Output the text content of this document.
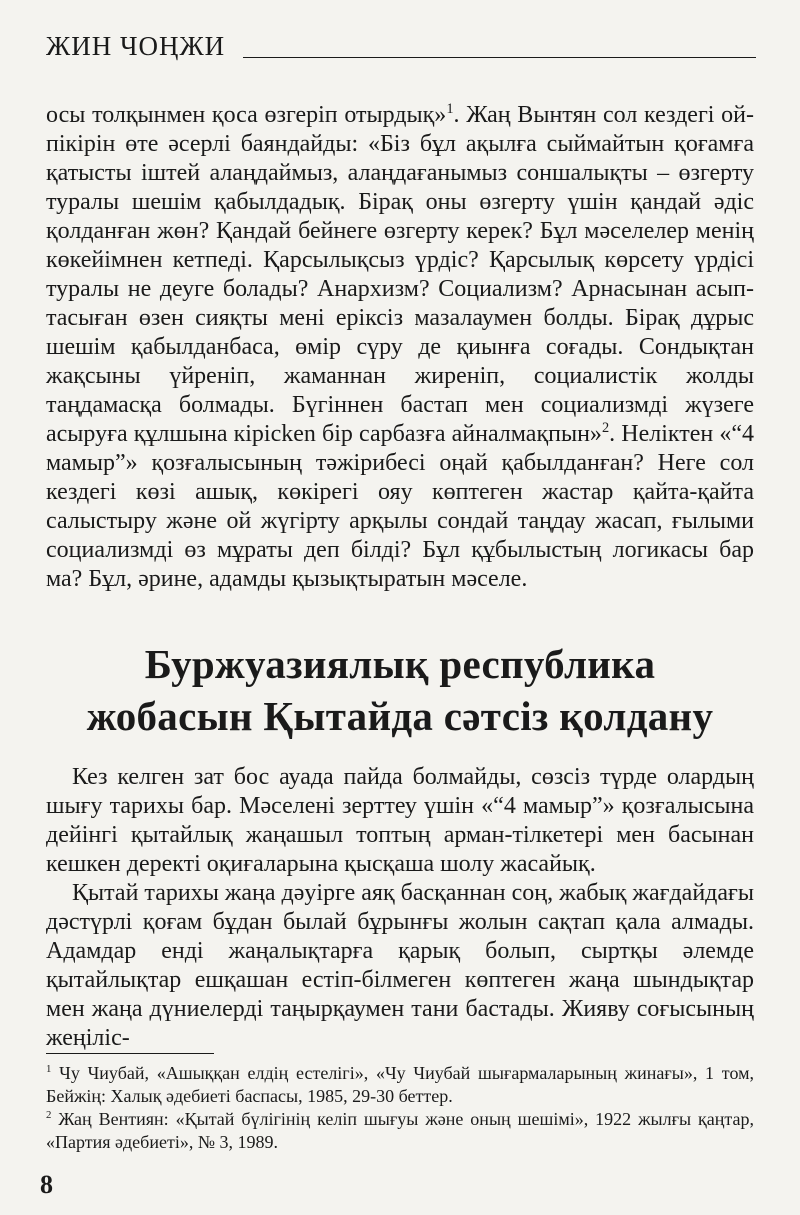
ЖИН ЧОҢЖИ

осы толқынмен қоса өзгеріп отырдық»$^1$. Жаң Вынтян сол кездегі ой-пікірін өте әсерлі баяндайды: «Біз бұл ақылға сыймайтын қоғамға қатысты іштей алаңдаймыз, алаңдағанымыз соншалықты – өзгерту туралы шешім қабылдадық. Бірақ оны өзгерту үшін қандай әдіс қолданған жөн? Қандай бейнеге өзгерту керек? Бұл мәселелер менің көкейімнен кетпеді. Қарсылықсыз үрдіс? Қарсылық көрсету үрдісі туралы не деуге болады? Анархизм? Социализм? Арнасынан асып-тасыған өзен сияқты мені еріксіз мазалаумен болды. Бірақ дұрыс шешім қабылданбаса, өмір сүру де қиынға соғады. Сондықтан жақсыны үйреніп, жаманнан жиреніп, социалистік жолды таңдамасқа болмады. Бүгіннен бастап мен социализмді жүзеге асыруға құлшына кірісken бір сарбазға айналмақпын»$^2$. Неліктен «“4 мамыр”» қозғалысының тәжірибесі оңай қабылданған? Неге сол кездегі көзі ашық, көкірегі ояу көптеген жастар қайта-қайта салыстыру және ой жүгірту арқылы сондай таңдау жасап, ғылыми социализмді өз мұраты деп білді? Бұл құбылыстың логикасы бар ма? Бұл, әрине, адамды қызықтыратын мәселе.

Буржуазиялық республика
жобасын Қытайда сәтсіз қолдану

Кез келген зат бос ауада пайда болмайды, сөзсіз түрде олардың шығу тарихы бар. Мәселені зерттеу үшін «“4 мамыр”» қозғалысына дейінгі қытайлық жаңашыл топтың арман-тілкетері мен басынан кешкен деректі оқиғаларына қысқаша шолу жасайық.

Қытай тарихы жаңа дәуірге аяқ басқаннан соң, жабық жағдайдағы дәстүрлі қоғам бұдан былай бұрынғы жолын сақтап қала алмады. Адамдар енді жаңалықтарға қарық болып, сыртқы әлемде қытайлықтар ешқашан естіп-білмеген көптеген жаңа шындықтар мен жаңа дүниелерді таңырқаумен тани бастады. Жияву соғысының жеңіліс-

$^1$ Чу Чиубай, «Ашыққан елдің естелігі», «Чу Чиубай шығармаларының жинағы», 1 том, Бейжің: Халық әдебиеті баспасы, 1985, 29-30 беттер.

$^2$ Жаң Вентиян: «Қытай бүлігінің келіп шығуы және оның шешімі», 1922 жылғы қаңтар, «Партия әдебиеті», № 3, 1989.

8
